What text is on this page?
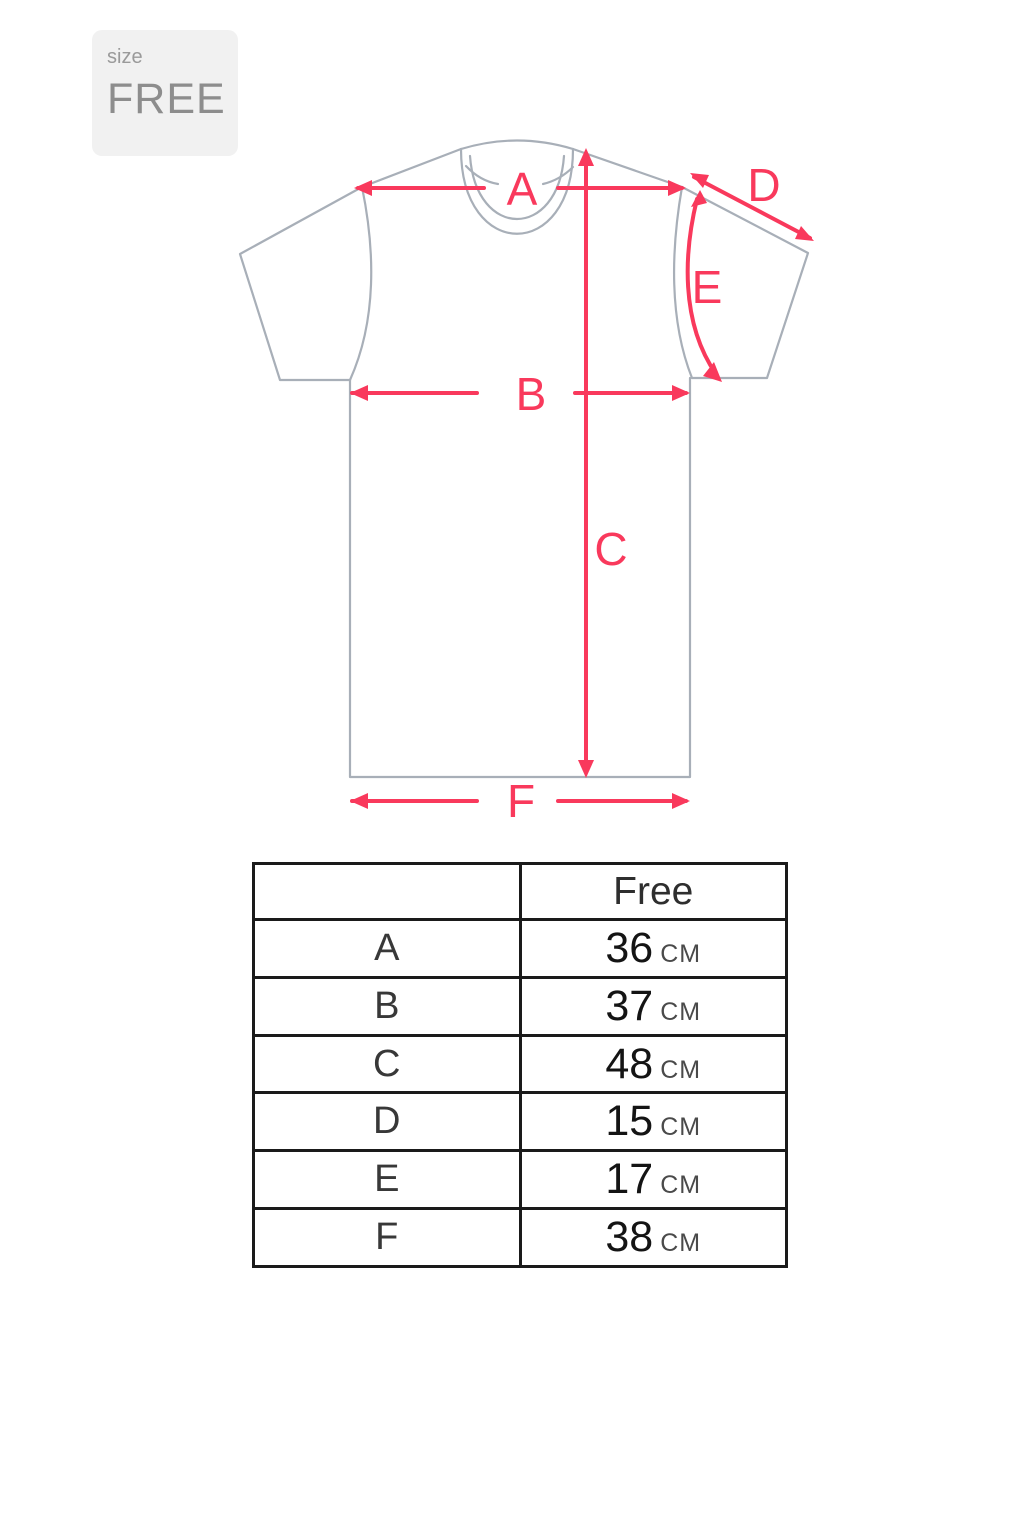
size
FREE
A
B
C
D
E
F
	Free
A	36 CM
B	37 CM
C	48 CM
D	15 CM
E	17 CM
F	38 CM
